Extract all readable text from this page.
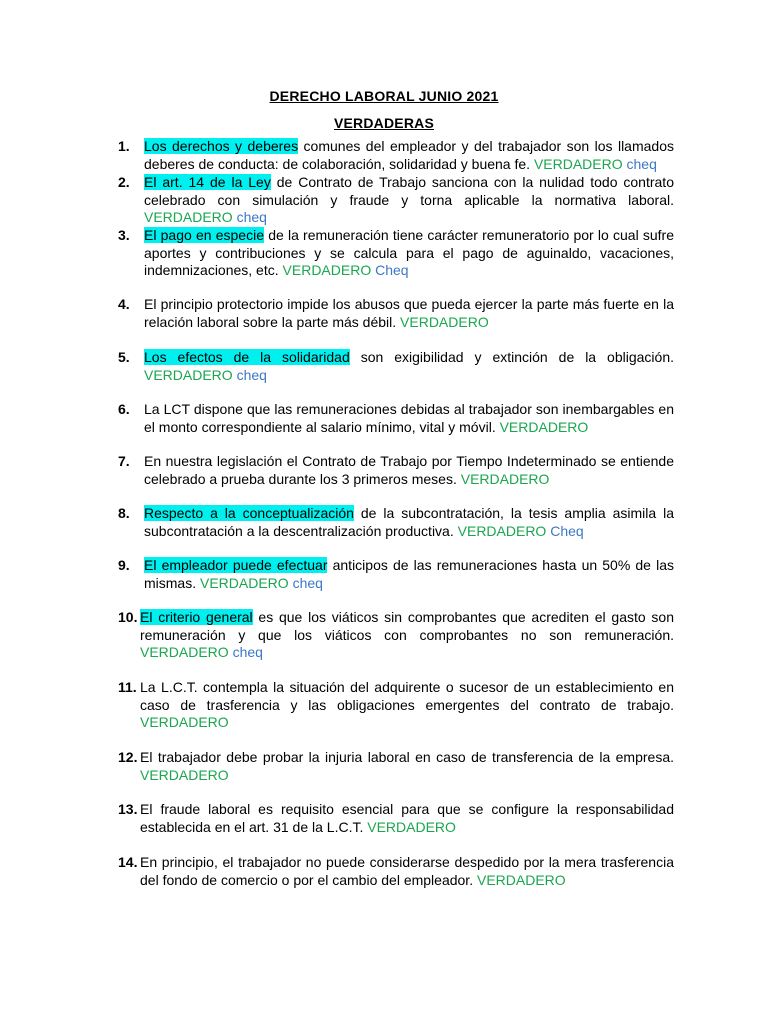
DERECHO LABORAL JUNIO 2021
VERDADERAS
1.	Los derechos y deberes comunes del empleador y del trabajador son los llamados deberes de conducta: de colaboración, solidaridad y buena fe. VERDADERO cheq
2.	El art. 14 de la Ley de Contrato de Trabajo sanciona con la nulidad todo contrato celebrado con simulación y fraude y torna aplicable la normativa laboral. VERDADERO cheq
3.	El pago en especie de la remuneración tiene carácter remuneratorio por lo cual sufre aportes y contribuciones y se calcula para el pago de aguinaldo, vacaciones, indemnizaciones, etc. VERDADERO Cheq
4.	El principio protectorio impide los abusos que pueda ejercer la parte más fuerte en la relación laboral sobre la parte más débil. VERDADERO
5.	Los efectos de la solidaridad son exigibilidad y extinción de la obligación. VERDADERO cheq
6.	La LCT dispone que las remuneraciones debidas al trabajador son inembargables en el monto correspondiente al salario mínimo, vital y móvil. VERDADERO
7.	En nuestra legislación el Contrato de Trabajo por Tiempo Indeterminado se entiende celebrado a prueba durante los 3 primeros meses. VERDADERO
8.	Respecto a la conceptualización de la subcontratación, la tesis amplia asimila la subcontratación a la descentralización productiva. VERDADERO Cheq
9.	El empleador puede efectuar anticipos de las remuneraciones hasta un 50% de las mismas. VERDADERO cheq
10. El criterio general es que los viáticos sin comprobantes que acrediten el gasto son remuneración y que los viáticos con comprobantes no son remuneración. VERDADERO cheq
11. La L.C.T. contempla la situación del adquirente o sucesor de un establecimiento en caso de trasferencia y las obligaciones emergentes del contrato de trabajo. VERDADERO
12. El trabajador debe probar la injuria laboral en caso de transferencia de la empresa. VERDADERO
13. El fraude laboral es requisito esencial para que se configure la responsabilidad establecida en el art. 31 de la L.C.T. VERDADERO
14. En principio, el trabajador no puede considerarse despedido por la mera trasferencia del fondo de comercio o por el cambio del empleador. VERDADERO
